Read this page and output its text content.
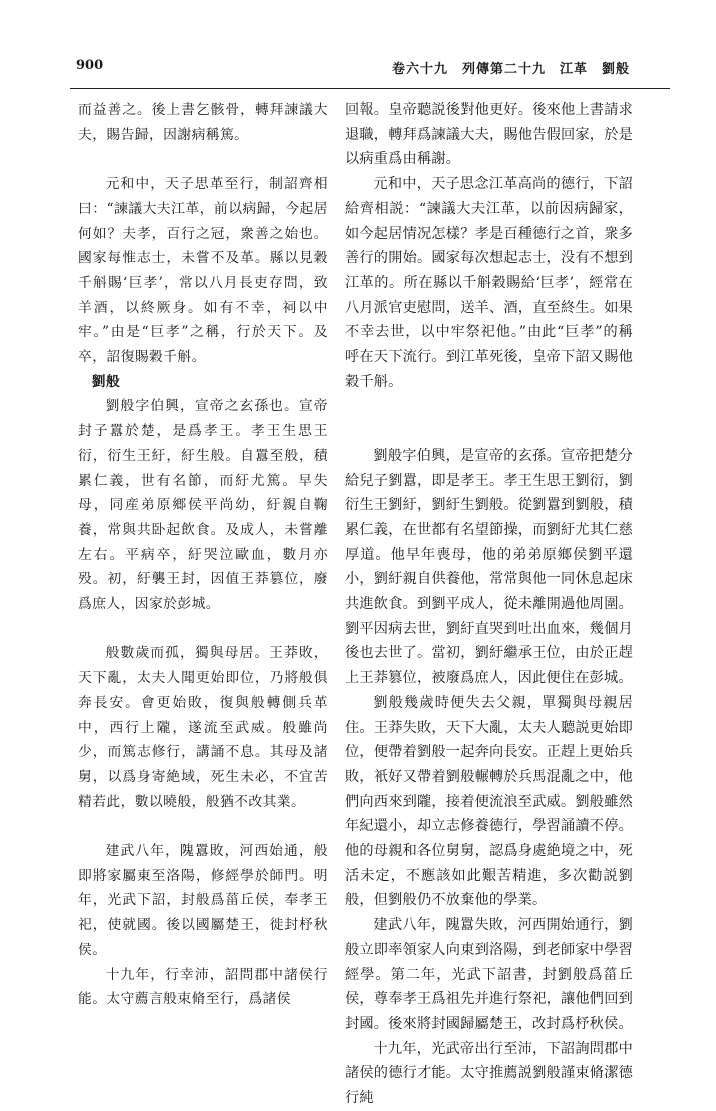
900	卷六十九　列傳第二十九　江革　劉般

而益善之。後上書乞骸骨，轉拜諫議大夫，賜告歸，因謝病稱篤。

元和中，天子思革至行，制詔齊相曰：“諫議大夫江革，前以病歸，今起居何如？夫孝，百行之冠，衆善之始也。國家每惟志士，未嘗不及革。縣以見穀千斛賜‘巨孝’，常以八月長吏存問，致羊酒，以終厥身。如有不幸，祠以中牢。”由是“巨孝”之稱，行於天下。及卒，詔復賜穀千斛。

劉般

劉般字伯興，宣帝之玄孫也。宣帝封子囂於楚，是爲孝王。孝王生思王衍，衍生王紆，紆生般。自囂至般，積累仁義，世有名節，而紆尤篤。早失母，同産弟原鄉侯平尚幼，紆親自鞠養，常與共卧起飲食。及成人，未嘗離左右。平病卒，紆哭泣歐血，數月亦殁。初，紆襲王封，因值王莽篡位，廢爲庶人，因家於彭城。

般數歲而孤，獨與母居。王莽敗，天下亂，太夫人聞更始即位，乃將般俱奔長安。會更始敗，復與般轉側兵革中，西行上隴，遂流至武威。般雖尚少，而篤志修行，講誦不息。其母及諸舅，以爲身寄絶域，死生未必，不宜苦精若此，數以曉般，般猶不改其業。

建武八年，隗囂敗，河西始通，般即將家屬東至洛陽，修經學於師門。明年，光武下詔，封般爲菑丘侯，奉孝王祀，使就國。後以國屬楚王，徙封杼秋侯。

十九年，行幸沛，詔問郡中諸侯行能。太守薦言般束脩至行，爲諸侯

回報。皇帝聽説後對他更好。後來他上書請求退職，轉拜爲諫議大夫，賜他告假回家，於是以病重爲由稱謝。

元和中，天子思念江革高尚的德行，下詔給齊相説：“諫議大夫江革，以前因病歸家，如今起居情况怎樣？孝是百種德行之首，衆多善行的開始。國家每次想起志士，没有不想到江革的。所在縣以千斛穀賜給‘巨孝’，經常在八月派官吏慰問，送羊、酒，直至終生。如果不幸去世，以中牢祭祀他。”由此“巨孝”的稱呼在天下流行。到江革死後，皇帝下詔又賜他穀千斛。

劉般字伯興，是宣帝的玄孫。宣帝把楚分給兒子劉囂，即是孝王。孝王生思王劉衍，劉衍生王劉紆，劉紆生劉般。從劉囂到劉般，積累仁義，在世都有名望節操，而劉紆尤其仁慈厚道。他早年喪母，他的弟弟原鄉侯劉平還小，劉紆親自供養他，常常與他一同休息起床共進飲食。到劉平成人，從未離開過他周圍。劉平因病去世，劉紆直哭到吐出血來，幾個月後也去世了。當初，劉紆繼承王位，由於正趕上王莽篡位，被廢爲庶人，因此便住在彭城。

劉般幾歲時便失去父親，單獨與母親居住。王莽失敗，天下大亂，太夫人聽説更始即位，便帶着劉般一起奔向長安。正趕上更始兵敗，衹好又帶着劉般輾轉於兵馬混亂之中，他們向西來到隴，接着便流浪至武威。劉般雖然年紀還小，却立志修養德行，學習誦讀不停。他的母親和各位舅舅，認爲身處絶境之中，死活未定，不應該如此艱苦精進，多次勸説劉般，但劉般仍不放棄他的學業。

建武八年，隗囂失敗，河西開始通行，劉般立即率領家人向東到洛陽，到老師家中學習經學。第二年，光武下詔書，封劉般爲菑丘侯，尊奉孝王爲祖先并進行祭祀，讓他們回到封國。後來將封國歸屬楚王，改封爲杼秋侯。

十九年，光武帝出行至沛，下詔詢問郡中諸侯的德行才能。太守推薦説劉般謹束脩潔德行純
